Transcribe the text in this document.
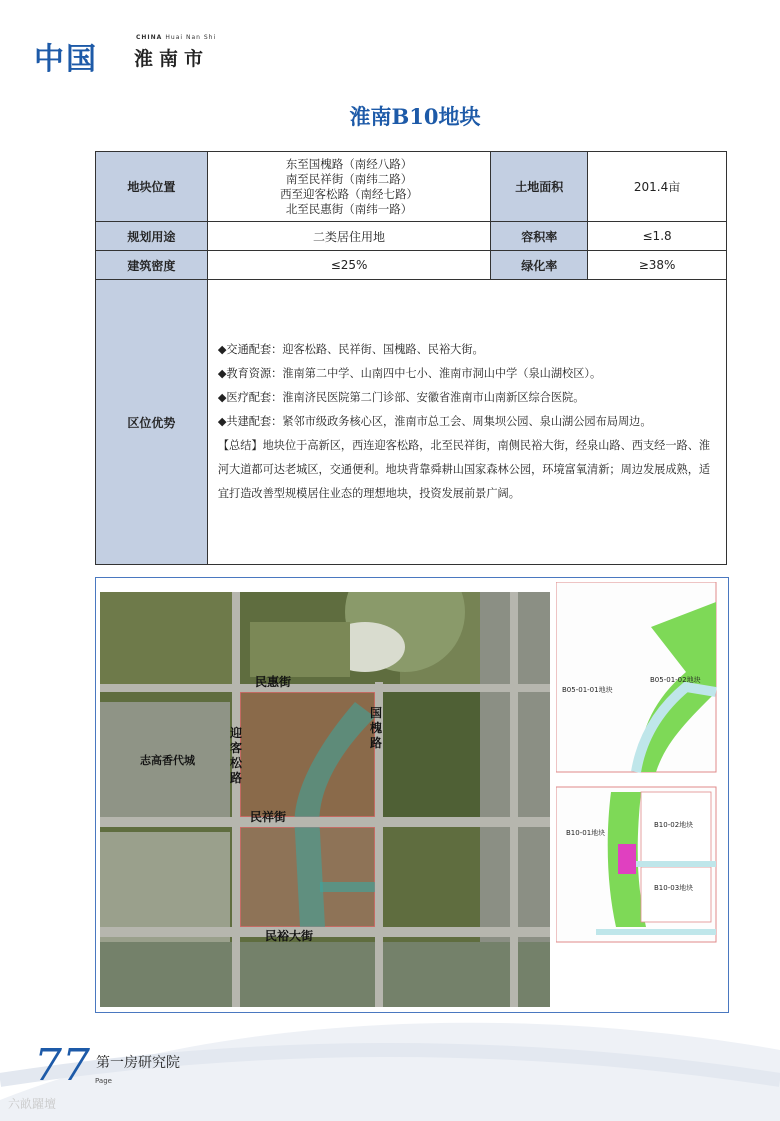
中国
CHINA Huai Nan Shi
淮南市
淮南B10地块
地块位置	东至国槐路（南经八路）
南至民祥街（南纬二路）
西至迎客松路（南经七路）
北至民惠街（南纬一路）	土地面积	201.4亩
规划用途	二类居住用地	容积率	≤1.8
建筑密度	≤25%	绿化率	≥38%
区位优势	◆交通配套：迎客松路、民祥街、国槐路、民裕大街。

◆教育资源：淮南第二中学、山南四中七小、淮南市洞山中学（泉山湖校区）。

◆医疗配套：淮南济民医院第二门诊部、安徽省淮南市山南新区综合医院。

◆共建配套：紧邻市级政务核心区，淮南市总工会、周集坝公园、泉山湖公园布局周边。

【总结】地块位于高新区，西连迎客松路，北至民祥街，南侧民裕大街，经泉山路、西支经一路、淮河大道都可达老城区，交通便利。地块背靠舜耕山国家森林公园，环境富氧清新；周边发展成熟，适宜打造改善型规模居住业态的理想地块，投资发展前景广阔。		

民惠街
民祥街
民裕大街
志高香代城
国槐路
迎客松路
B05-01-01地块
B05-01-02地块
B10-01地块
B10-02地块
B10-03地块
77 Page
第一房研究院
六畝躍壇
